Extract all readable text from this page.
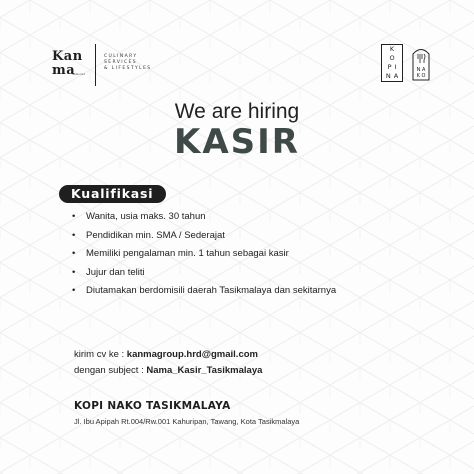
Kan
ma
restaurant
CULINARY
SERVICES
& LIFESTYLES
K
O
P I
N A
N A
K O
We are hiring
KASIR
Kualifikasi
• Wanita, usia maks. 30 tahun
• Pendidikan min. SMA / Sederajat
• Memiliki pengalaman min. 1 tahun sebagai kasir
• Jujur dan teliti
• Diutamakan berdomisili daerah Tasikmalaya dan sekitarnya
kirim cv ke : kanmagroup.hrd@gmail.com
dengan subject : Nama_Kasir_Tasikmalaya
KOPI NAKO TASIKMALAYA
Jl. Ibu Apipah Rt.004/Rw.001 Kahuripan, Tawang, Kota Tasikmalaya
